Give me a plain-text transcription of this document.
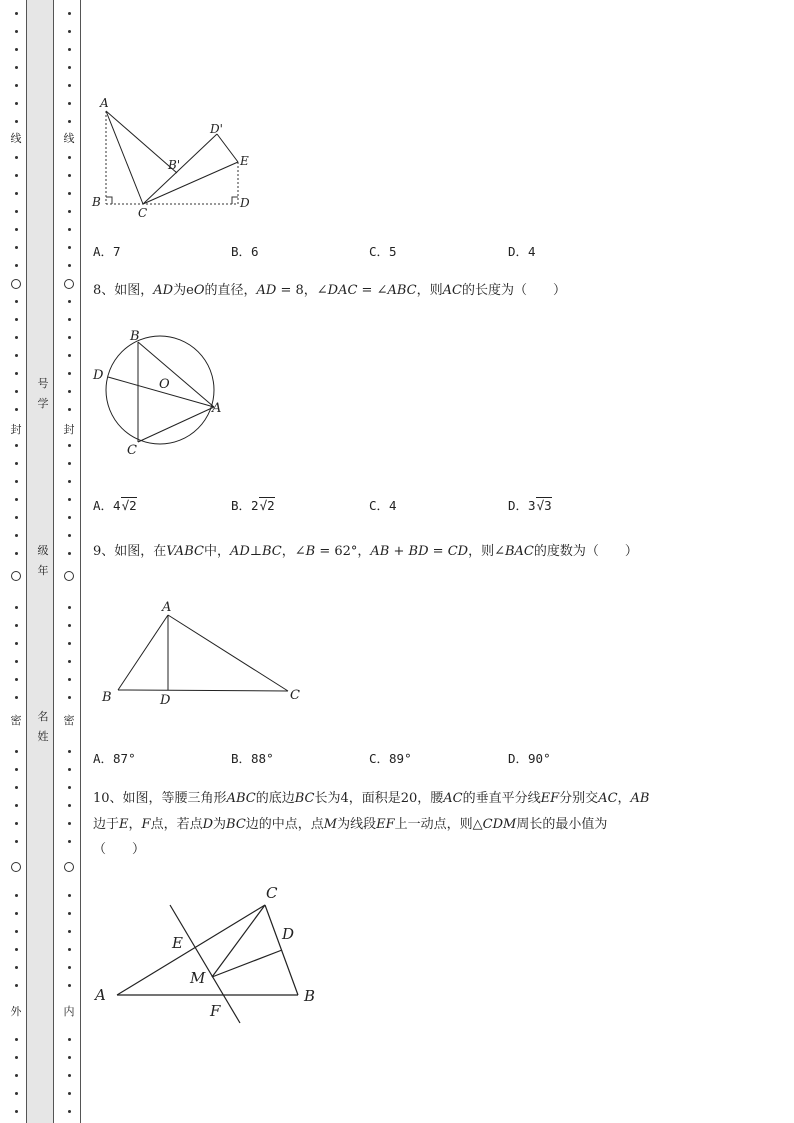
线	线
封	封
密	密
外	内
号
学
级
年
名
姓
A
B
C
D
E
B'
D'
A．7	B．6	C．5	D．4
8、如图，AD为eO的直径，AD = 8，∠DAC = ∠ABC，则AC的长度为（　　）
B
D
O
A
C
A．4√2	B．2√2	C．4	D．3√3
9、如图，在VABC中，AD⊥BC，∠B = 62°，AB + BD = CD，则∠BAC的度数为（　　）
A
B	D	C
A．87°	B．88°	C．89°	D．90°
10、如图，等腰三角形ABC的底边BC长为4，面积是20，腰AC的垂直平分线EF分别交AC，AB
边于E，F点，若点D为BC边的中点，点M为线段EF上一动点，则△CDM周长的最小值为
（　　）
C
E	D
M
A	B
F
